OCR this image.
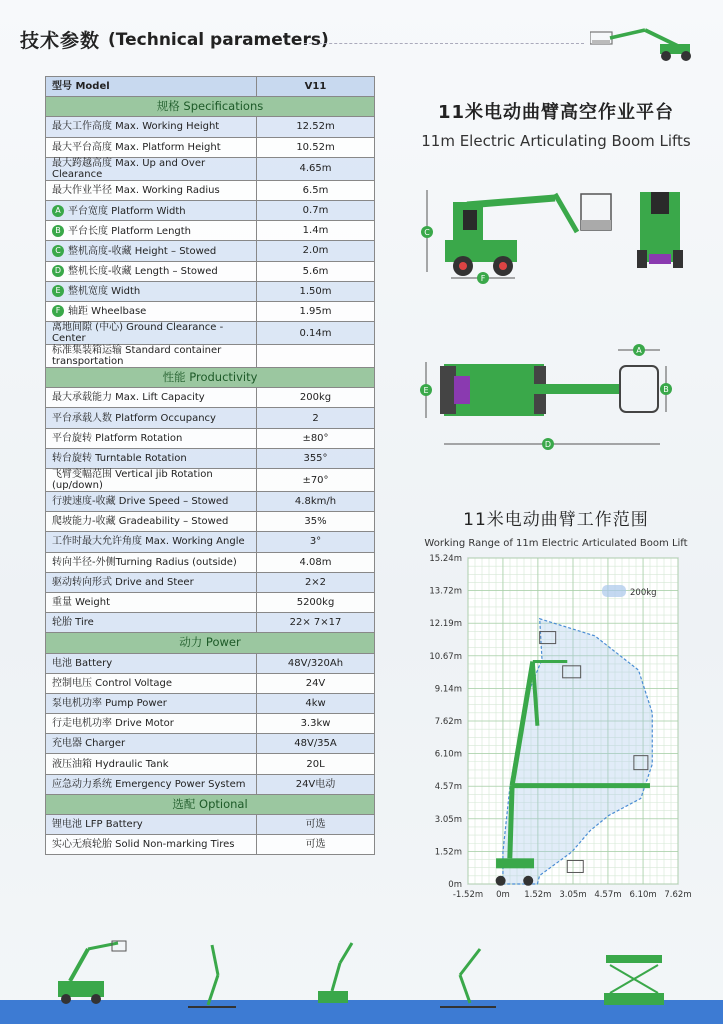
技术参数 (Technical parameters)
型号 Model	V11
规格 Specifications	
最大工作高度 Max. Working Height	12.52m
最大平台高度 Max. Platform Height	10.52m
最大跨越高度 Max. Up and Over Clearance	4.65m
最大作业半径 Max. Working Radius	6.5m
A 平台宽度 Platform Width	0.7m
B 平台长度 Platform Length	1.4m
C 整机高度-收藏 Height – Stowed	2.0m
D 整机长度-收藏 Length – Stowed	5.6m
E 整机宽度 Width	1.50m
F 轴距 Wheelbase	1.95m
离地间隙 (中心) Ground Clearance - Center	0.14m
标准集装箱运输 Standard container transportation	
性能 Productivity	
最大承载能力 Max. Lift Capacity	200kg
平台承载人数 Platform Occupancy	2
平台旋转 Platform Rotation	±80°
转台旋转 Turntable Rotation	355°
飞臂变幅范围 Vertical jib Rotation (up/down)	±70°
行驶速度-收藏 Drive Speed – Stowed	4.8km/h
爬坡能力-收藏 Gradeability – Stowed	35%
工作时最大允许角度 Max. Working Angle	3°
转向半径-外侧Turning Radius (outside)	4.08m
驱动转向形式 Drive and Steer	2×2
重量 Weight	5200kg
轮胎 Tire	22× 7×17
动力 Power	
电池 Battery	48V/320Ah
控制电压 Control Voltage	24V
泵电机功率 Pump Power	4kw
行走电机功率 Drive Motor	3.3kw
充电器 Charger	48V/35A
液压油箱 Hydraulic Tank	20L
应急动力系统 Emergency Power System	24V电动
选配 Optional	
锂电池 LFP Battery	可选
实心无痕轮胎 Solid Non-marking Tires	可选
11米电动曲臂高空作业平台
11m Electric Articulating Boom Lifts
C
F
A
E	B
D
11米电动曲臂工作范围
Working Range of 11m Electric Articulated Boom Lift
0m
1.52m
3.05m
4.57m
6.10m
7.62m
9.14m
10.67m
12.19m
13.72m
15.24m
-1.52m 0m 1.52m 3.05m 4.57m 6.10m 7.62m
200kg
